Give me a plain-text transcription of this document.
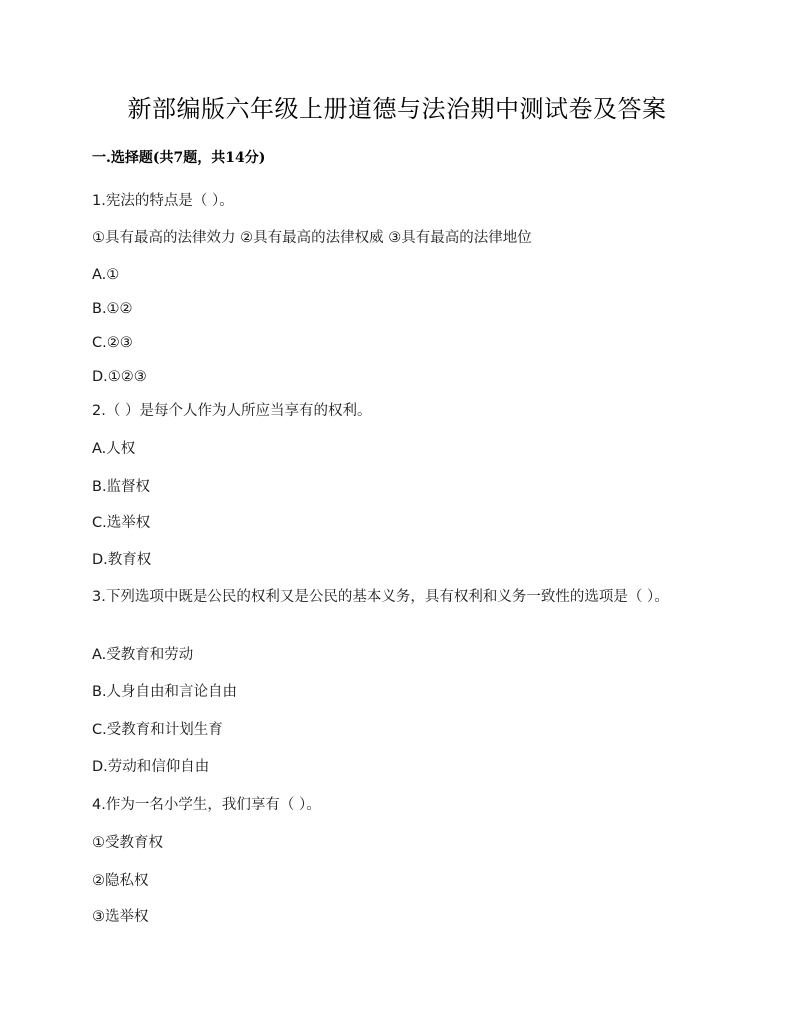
新部编版六年级上册道德与法治期中测试卷及答案
一.选择题(共7题，共14分)
1.宪法的特点是（ ）。
①具有最高的法律效力 ②具有最高的法律权威 ③具有最高的法律地位
A.①
B.①②
C.②③
D.①②③
2.（ ）是每个人作为人所应当享有的权利。
A.人权
B.监督权
C.选举权
D.教育权
3.下列选项中既是公民的权利又是公民的基本义务，具有权利和义务一致性的选项是（ ）。
A.受教育和劳动
B.人身自由和言论自由
C.受教育和计划生育
D.劳动和信仰自由
4.作为一名小学生，我们享有（ ）。
①受教育权
②隐私权
③选举权
